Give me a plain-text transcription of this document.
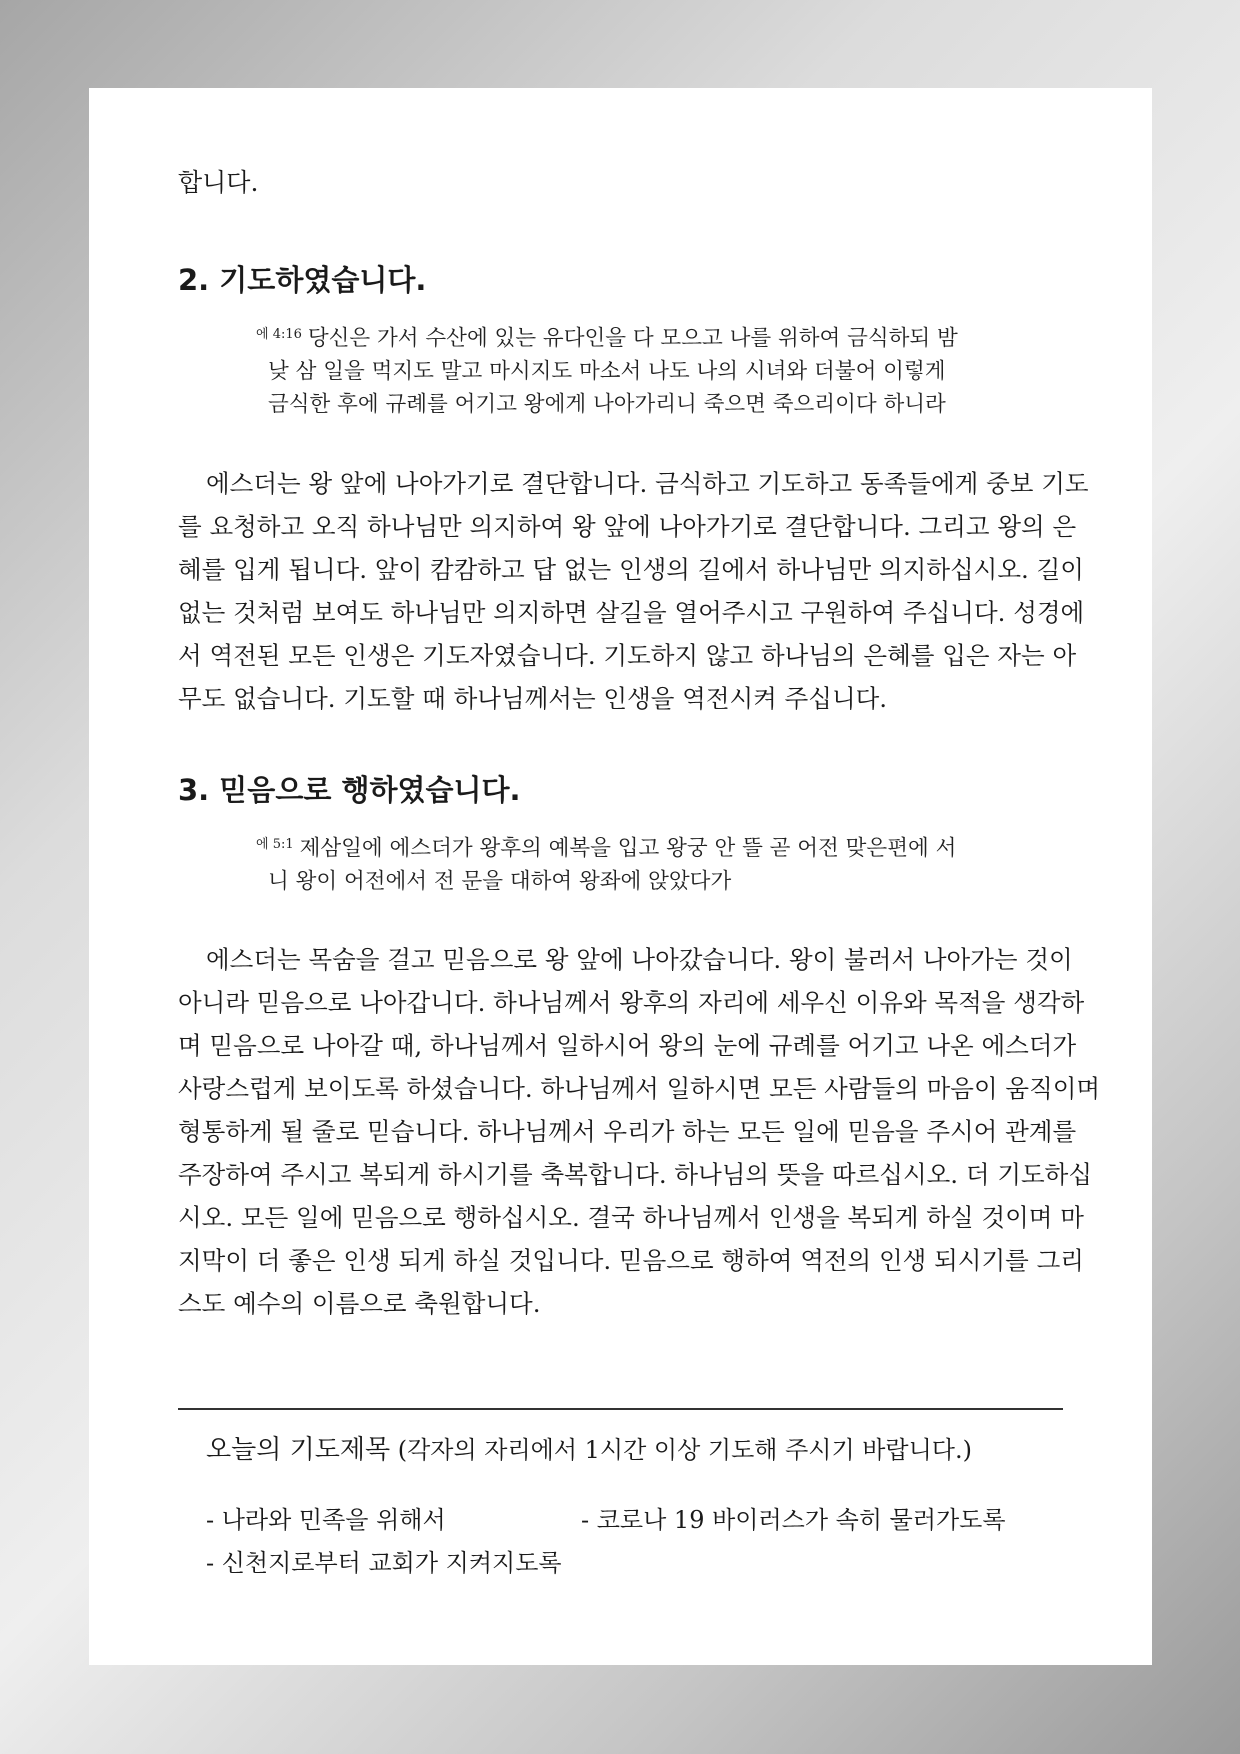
합니다.
2. 기도하였습니다.
$^{에 4:16}$ 당신은 가서 수산에 있는 유다인을 다 모으고 나를 위하여 금식하되 밤
낮 삼 일을 먹지도 말고 마시지도 마소서 나도 나의 시녀와 더불어 이렇게
금식한 후에 규례를 어기고 왕에게 나아가리니 죽으면 죽으리이다 하니라
에스더는 왕 앞에 나아가기로 결단합니다. 금식하고 기도하고 동족들에게 중보 기도
를 요청하고 오직 하나님만 의지하여 왕 앞에 나아가기로 결단합니다. 그리고 왕의 은
혜를 입게 됩니다. 앞이 캄캄하고 답 없는 인생의 길에서 하나님만 의지하십시오. 길이
없는 것처럼 보여도 하나님만 의지하면 살길을 열어주시고 구원하여 주십니다. 성경에
서 역전된 모든 인생은 기도자였습니다. 기도하지 않고 하나님의 은혜를 입은 자는 아
무도 없습니다. 기도할 때 하나님께서는 인생을 역전시켜 주십니다.
3. 믿음으로 행하였습니다.
$^{에 5:1}$ 제삼일에 에스더가 왕후의 예복을 입고 왕궁 안 뜰 곧 어전 맞은편에 서
니 왕이 어전에서 전 문을 대하여 왕좌에 앉았다가
에스더는 목숨을 걸고 믿음으로 왕 앞에 나아갔습니다. 왕이 불러서 나아가는 것이
아니라 믿음으로 나아갑니다. 하나님께서 왕후의 자리에 세우신 이유와 목적을 생각하
며 믿음으로 나아갈 때, 하나님께서 일하시어 왕의 눈에 규례를 어기고 나온 에스더가
사랑스럽게 보이도록 하셨습니다. 하나님께서 일하시면 모든 사람들의 마음이 움직이며
형통하게 될 줄로 믿습니다. 하나님께서 우리가 하는 모든 일에 믿음을 주시어 관계를
주장하여 주시고 복되게 하시기를 축복합니다. 하나님의 뜻을 따르십시오. 더 기도하십
시오. 모든 일에 믿음으로 행하십시오. 결국 하나님께서 인생을 복되게 하실 것이며 마
지막이 더 좋은 인생 되게 하실 것입니다. 믿음으로 행하여 역전의 인생 되시기를 그리
스도 예수의 이름으로 축원합니다.
오늘의 기도제목 (각자의 자리에서 1시간 이상 기도해 주시기 바랍니다.)
- 나라와 민족을 위해서	- 코로나 19 바이러스가 속히 물러가도록
- 신천지로부터 교회가 지켜지도록
